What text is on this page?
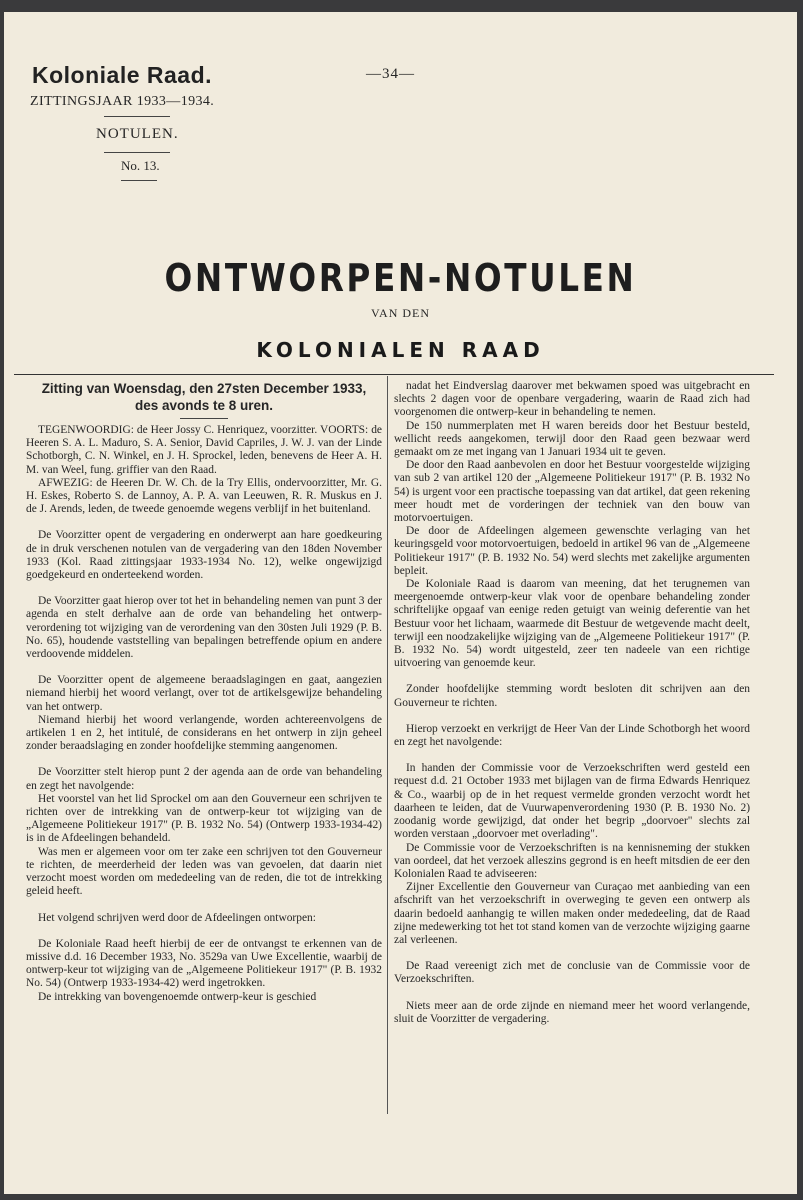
Koloniale Raad.
ZITTINGSJAAR 1933—1934.
—34—
NOTULEN.
No. 13.
ONTWORPEN-NOTULEN
VAN DEN
KOLONIALEN RAAD

Zitting van Woensdag, den 27sten December 1933,

des avonds te 8 uren.

TEGENWOORDIG: de Heer Jossy C. Henriquez, voorzitter. VOORTS: de Heeren S. A. L. Maduro, S. A. Senior, David Capriles, J. W. J. van der Linde Schotborgh, C. N. Winkel, en J. H. Sprockel, leden, benevens de Heer A. H. M. van Weel, fung. griffier van den Raad.

AFWEZIG: de Heeren Dr. W. Ch. de la Try Ellis, ondervoorzitter, Mr. G. H. Eskes, Roberto S. de Lannoy, A. P. A. van Leeuwen, R. R. Muskus en J. de J. Arends, leden, de tweede genoemde wegens verblijf in het buitenland.

De Voorzitter opent de vergadering en onderwerpt aan hare goedkeuring de in druk verschenen notulen van de vergadering van den 18den November 1933 (Kol. Raad zittingsjaar 1933-1934 No. 12), welke ongewijzigd goedgekeurd en onderteekend worden.

De Voorzitter gaat hierop over tot het in behandeling nemen van punt 3 der agenda en stelt derhalve aan de orde van behandeling het ontwerp-verordening tot wijziging van de verordening van den 30sten Juli 1929 (P. B. No. 65), houdende vaststelling van bepalingen betreffende opium en andere verdoovende middelen.

De Voorzitter opent de algemeene beraadslagingen en gaat, aangezien niemand hierbij het woord verlangt, over tot de artikelsgewijze behandeling van het ontwerp.

Niemand hierbij het woord verlangende, worden achtereenvolgens de artikelen 1 en 2, het intitulé, de considerans en het ontwerp in zijn geheel zonder beraadslaging en zonder hoofdelijke stemming aangenomen.

De Voorzitter stelt hierop punt 2 der agenda aan de orde van behandeling en zegt het navolgende:

Het voorstel van het lid Sprockel om aan den Gouverneur een schrijven te richten over de intrekking van de ontwerp-keur tot wijziging van de „Algemeene Politiekeur 1917" (P. B. 1932 No. 54) (Ontwerp 1933-1934-42) is in de Afdeelingen behandeld.

Was men er algemeen voor om ter zake een schrijven tot den Gouverneur te richten, de meerderheid der leden was van gevoelen, dat daarin niet verzocht moest worden om mededeeling van de reden, die tot de intrekking geleid heeft.

Het volgend schrijven werd door de Afdeelingen ontworpen:

De Koloniale Raad heeft hierbij de eer de ontvangst te erkennen van de missive d.d. 16 December 1933, No. 3529a van Uwe Excellentie, waarbij de ontwerp-keur tot wijziging van de „Algemeene Politiekeur 1917" (P. B. 1932 No. 54) (Ontwerp 1933-1934-42) werd ingetrokken.

De intrekking van bovengenoemde ontwerp-keur is geschied

nadat het Eindverslag daarover met bekwamen spoed was uitgebracht en slechts 2 dagen voor de openbare vergadering, waarin de Raad zich had voorgenomen die ontwerp-keur in behandeling te nemen.

De 150 nummerplaten met H waren bereids door het Bestuur besteld, wellicht reeds aangekomen, terwijl door den Raad geen bezwaar werd gemaakt om ze met ingang van 1 Januari 1934 uit te geven.

De door den Raad aanbevolen en door het Bestuur voorgestelde wijziging van sub 2 van artikel 120 der „Algemeene Politiekeur 1917" (P. B. 1932 No 54) is urgent voor een practische toepassing van dat artikel, dat geen rekening meer houdt met de vorderingen der techniek van den bouw van motorvoertuigen.

De door de Afdeelingen algemeen gewenschte verlaging van het keuringsgeld voor motorvoertuigen, bedoeld in artikel 96 van de „Algemeene Politiekeur 1917" (P. B. 1932 No. 54) werd slechts met zakelijke argumenten bepleit.

De Koloniale Raad is daarom van meening, dat het terugnemen van meergenoemde ontwerp-keur vlak voor de openbare behandeling zonder schriftelijke opgaaf van eenige reden getuigt van weinig deferentie van het Bestuur voor het lichaam, waarmede dit Bestuur de wetgevende macht deelt, terwijl een noodzakelijke wijziging van de „Algemeene Politiekeur 1917" (P. B. 1932 No. 54) wordt uitgesteld, zeer ten nadeele van een richtige uitvoering van genoemde keur.

Zonder hoofdelijke stemming wordt besloten dit schrijven aan den Gouverneur te richten.

Hierop verzoekt en verkrijgt de Heer Van der Linde Schotborgh het woord en zegt het navolgende:

In handen der Commissie voor de Verzoekschriften werd gesteld een request d.d. 21 October 1933 met bijlagen van de firma Edwards Henriquez & Co., waarbij op de in het request vermelde gronden verzocht wordt het daarheen te leiden, dat de Vuurwapenverordening 1930 (P. B. 1930 No. 2) zoodanig worde gewijzigd, dat onder het begrip „doorvoer" slechts zal worden verstaan „doorvoer met overlading".

De Commissie voor de Verzoekschriften is na kennisneming der stukken van oordeel, dat het verzoek alleszins gegrond is en heeft mitsdien de eer den Kolonialen Raad te adviseeren:

Zijner Excellentie den Gouverneur van Curaçao met aanbieding van een afschrift van het verzoekschrift in overweging te geven een ontwerp als daarin bedoeld aanhangig te willen maken onder mededeeling, dat de Raad zijne medewerking tot het tot stand komen van de verzochte wijziging gaarne zal verleenen.

De Raad vereenigt zich met de conclusie van de Commissie voor de Verzoekschriften.

Niets meer aan de orde zijnde en niemand meer het woord verlangende, sluit de Voorzitter de vergadering.
